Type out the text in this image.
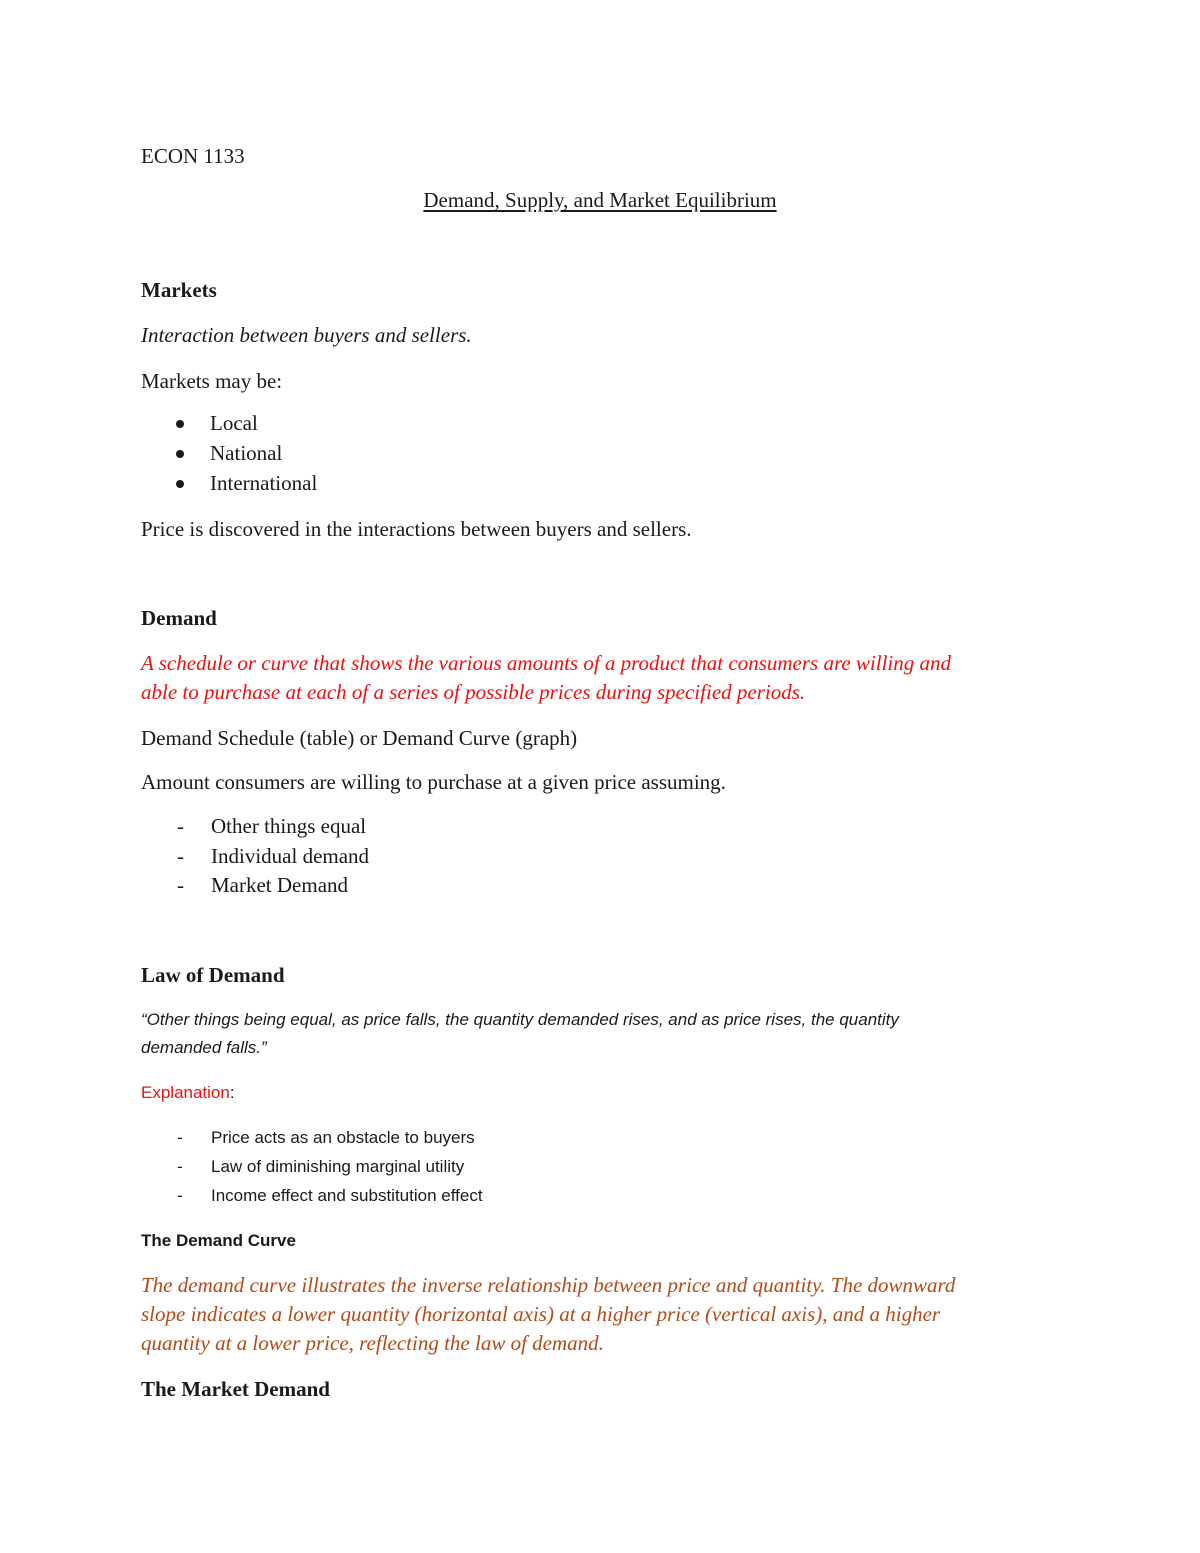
ECON 1133
Demand, Supply, and Market Equilibrium
Markets
Interaction between buyers and sellers.
Markets may be:
Local
National
International
Price is discovered in the interactions between buyers and sellers.
Demand
A schedule or curve that shows the various amounts of a product that consumers are willing and
able to purchase at each of a series of possible prices during specified periods.
Demand Schedule (table) or Demand Curve (graph)
Amount consumers are willing to purchase at a given price assuming.
-	Other things equal
-	Individual demand
-	Market Demand
Law of Demand
“Other things being equal, as price falls, the quantity demanded rises, and as price rises, the quantity
demanded falls.”
Explanation:
-	Price acts as an obstacle to buyers
-	Law of diminishing marginal utility
-	Income effect and substitution effect
The Demand Curve
The demand curve illustrates the inverse relationship between price and quantity. The downward
slope indicates a lower quantity (horizontal axis) at a higher price (vertical axis), and a higher
quantity at a lower price, reflecting the law of demand.
The Market Demand
